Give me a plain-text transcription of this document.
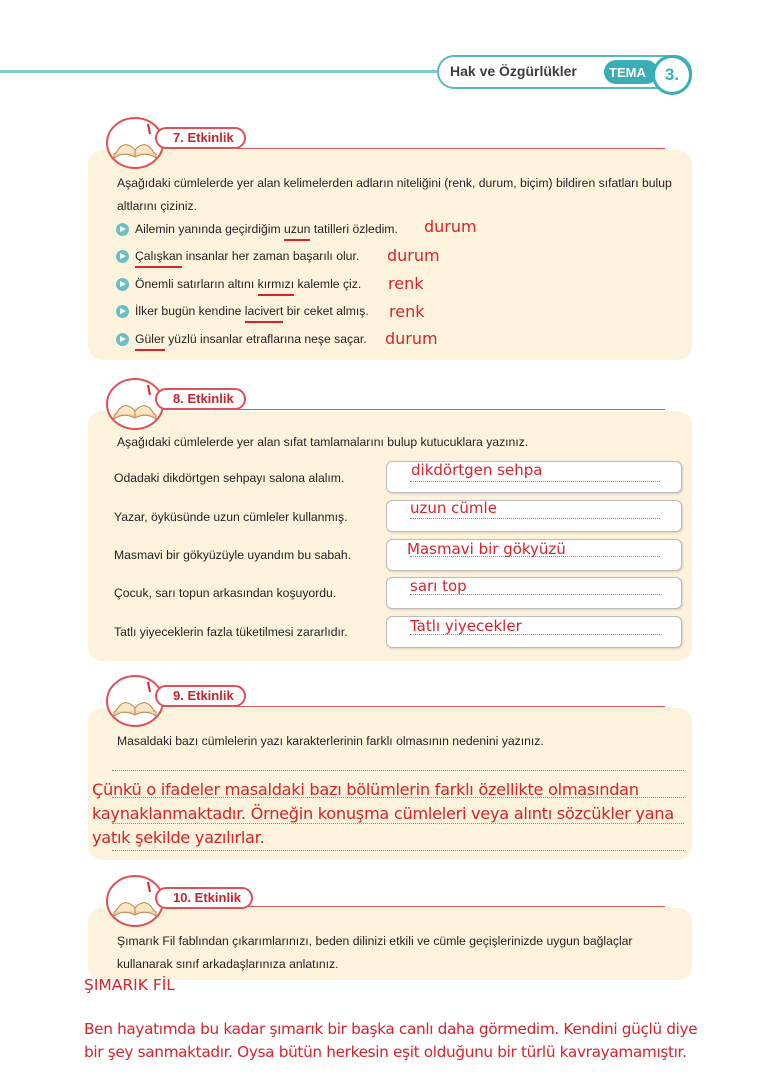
Hak ve Özgürlükler TEMA	3.
7. Etkinlik
Aşağıdaki cümlelerde yer alan kelimelerden adların niteliğini (renk, durum, biçim) bildiren sıfatları bulup altlarını çiziniz.
Ailemin yanında geçirdiğim uzun tatilleri özledim. durum
Çalışkan insanlar her zaman başarılı olur. durum
Önemli satırların altını kırmızı kalemle çiz. renk
İlker bugün kendine lacivert bir ceket almış. renk
Güler yüzlü insanlar etraflarına neşe saçar. durum
8. Etkinlik
Aşağıdaki cümlelerde yer alan sıfat tamlamalarını bulup kutucuklara yazınız.
Odadaki dikdörtgen sehpayı salona alalım.	dikdörtgen sehpa
Yazar, öyküsünde uzun cümleler kullanmış.	uzun cümle
Masmavi bir gökyüzüyle uyandım bu sabah.	Masmavi bir gökyüzü
Çocuk, sarı topun arkasından koşuyordu.	sarı top
Tatlı yiyeceklerin fazla tüketilmesi zararlıdır.	Tatlı yiyecekler
9. Etkinlik
Masaldaki bazı cümlelerin yazı karakterlerinin farklı olmasının nedenini yazınız.
Çünkü o ifadeler masaldaki bazı bölümlerin farklı özellikte olmasından
kaynaklanmaktadır. Örneğin konuşma cümleleri veya alıntı sözcükler yana
yatık şekilde yazılırlar.
10. Etkinlik
Şımarık Fil fablından çıkarımlarınızı, beden dilinizi etkili ve cümle geçişlerinizde uygun bağlaçlar kullanarak sınıf arkadaşlarınıza anlatınız.
ŞIMARIK FİL
Ben hayatımda bu kadar şımarık bir başka canlı daha görmedim. Kendini güçlü diye
bir şey sanmaktadır. Oysa bütün herkesin eşit olduğunu bir türlü kavrayamamıştır.
